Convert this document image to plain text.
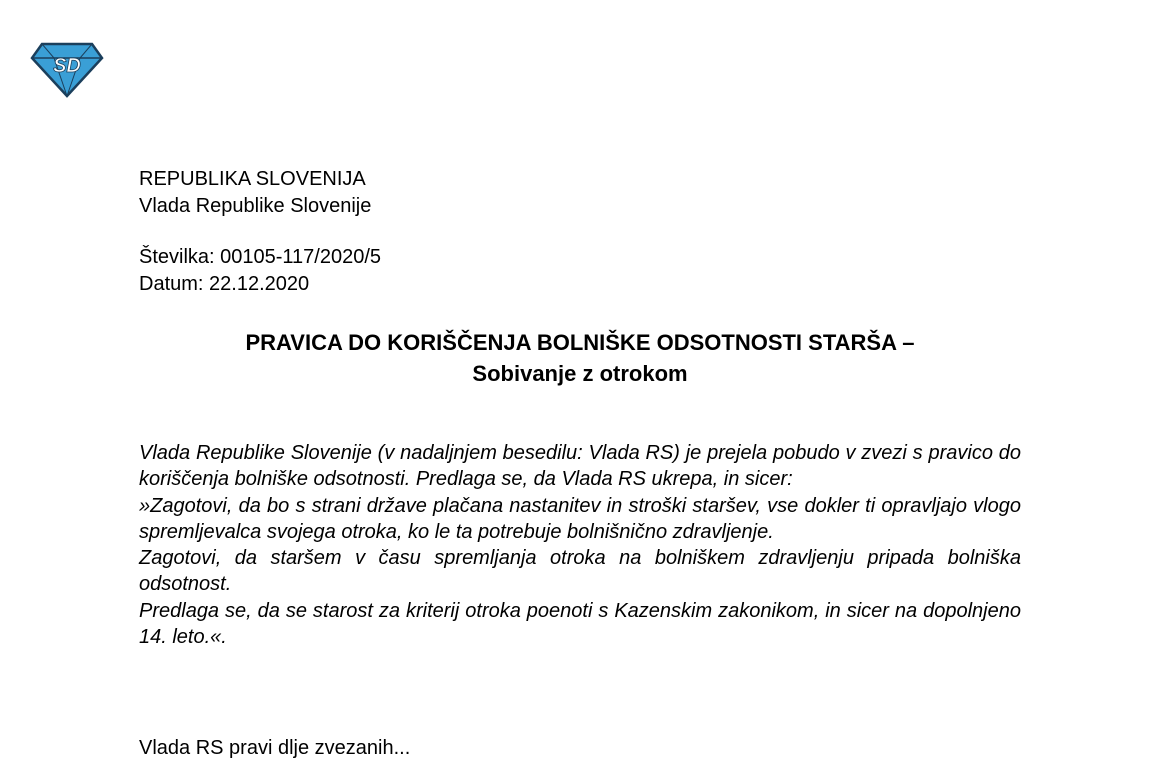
SD
REPUBLIKA SLOVENIJA
Vlada Republike Slovenije
Številka: 00105-117/2020/5
Datum: 22.12.2020
PRAVICA DO KORIŠČENJA BOLNIŠKE ODSOTNOSTI STARŠA –
Sobivanje z otrokom

Vlada Republike Slovenije (v nadaljnjem besedilu: Vlada RS) je prejela pobudo v zvezi s pravico do koriščenja bolniške odsotnosti. Predlaga se, da Vlada RS ukrepa, in sicer:

»Zagotovi, da bo s strani države plačana nastanitev in stroški staršev, vse dokler ti opravljajo vlogo spremljevalca svojega otroka, ko le ta potrebuje bolnišnično zdravljenje.

Zagotovi, da staršem v času spremljanja otroka na bolniškem zdravljenju pripada bolniška odsotnost.

Predlaga se, da se starost za kriterij otroka poenoti s Kazenskim zakonikom, in sicer na dopolnjeno 14. leto.«.

Vlada RS pravi dlje zvezanih...
